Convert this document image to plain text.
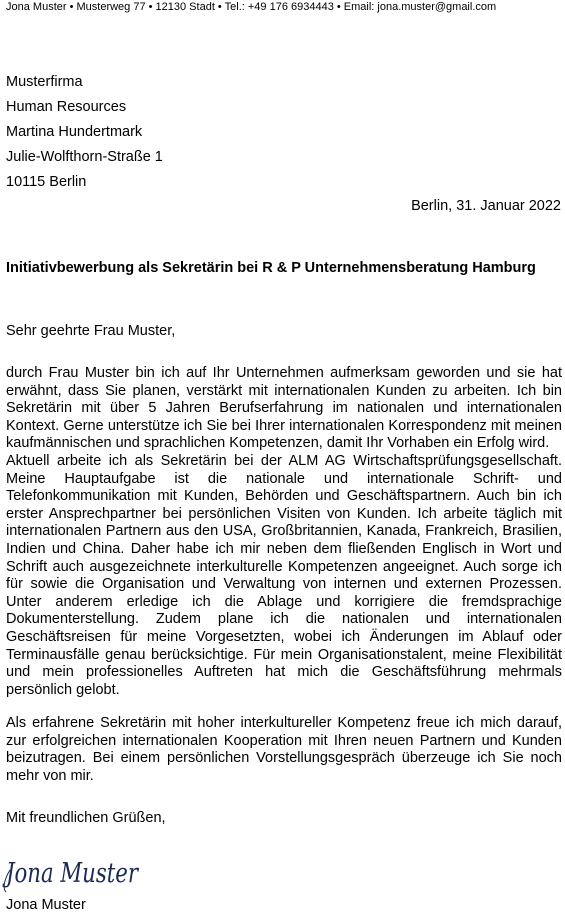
Jona Muster • Musterweg 77 • 12130 Stadt • Tel.: +49 176 6934443 • Email: jona.muster@gmail.com
Musterfirma
Human Resources
Martina Hundertmark
Julie-Wolfthorn-Straße 1
10115 Berlin
Berlin, 31. Januar 2022
Initiativbewerbung als Sekretärin bei R & P Unternehmensberatung Hamburg
Sehr geehrte Frau Muster,
durch Frau Muster bin ich auf Ihr Unternehmen aufmerksam geworden und sie hat erwähnt, dass Sie planen, verstärkt mit internationalen Kunden zu arbeiten. Ich bin Sekretärin mit über 5 Jahren Berufserfahrung im nationalen und internationalen Kontext. Gerne unterstütze ich Sie bei Ihrer internationalen Korrespondenz mit meinen kaufmännischen und sprachlichen Kompetenzen, damit Ihr Vorhaben ein Erfolg wird.
Aktuell arbeite ich als Sekretärin bei der ALM AG Wirtschaftsprüfungsgesellschaft. Meine Hauptaufgabe ist die nationale und internationale Schrift- und Telefonkommunikation mit Kunden, Behörden und Geschäftspartnern. Auch bin ich erster Ansprechpartner bei persönlichen Visiten von Kunden. Ich arbeite täglich mit internationalen Partnern aus den USA, Großbritannien, Kanada, Frankreich, Brasilien, Indien und China. Daher habe ich mir neben dem fließenden Englisch in Wort und Schrift auch ausgezeichnete interkulturelle Kompetenzen angeeignet. Auch sorge ich für sowie die Organisation und Verwaltung von internen und externen Prozessen. Unter anderem erledige ich die Ablage und korrigiere die fremdsprachige Dokumenterstellung. Zudem plane ich die nationalen und internationalen Geschäftsreisen für meine Vorgesetzten, wobei ich Änderungen im Ablauf oder Terminausfälle genau berücksichtige. Für mein Organisationstalent, meine Flexibilität und mein professionelles Auftreten hat mich die Geschäftsführung mehrmals persönlich gelobt.
Als erfahrene Sekretärin mit hoher interkultureller Kompetenz freue ich mich darauf, zur erfolgreichen internationalen Kooperation mit Ihren neuen Partnern und Kunden beizutragen. Bei einem persönlichen Vorstellungsgespräch überzeuge ich Sie noch mehr von mir.
Mit freundlichen Grüßen,
Jona Muster
Jona Muster
